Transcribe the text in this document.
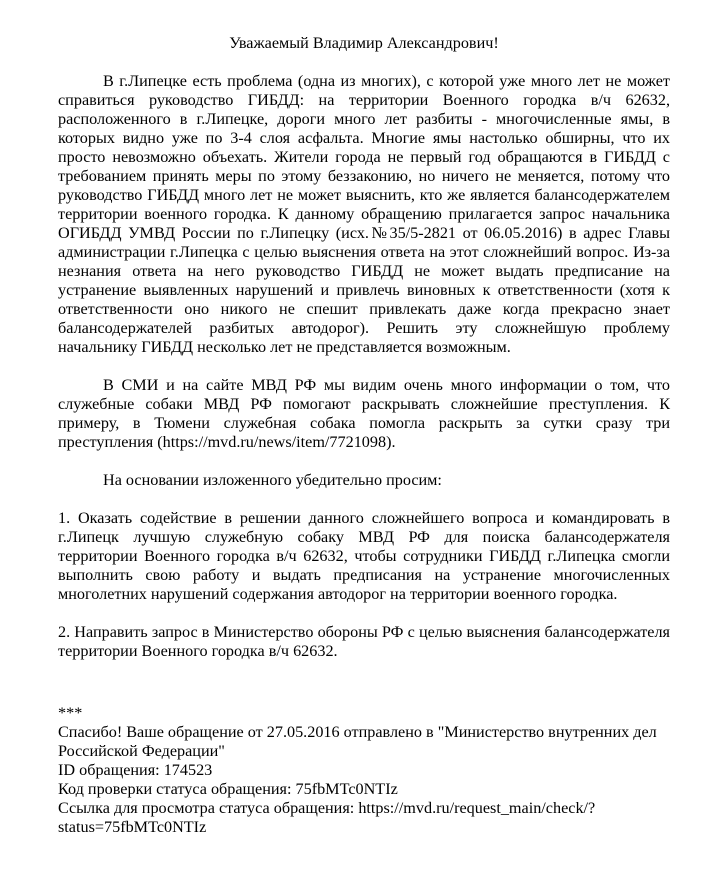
Уважаемый Владимир Александрович!

В г.Липецке есть проблема (одна из многих), с которой уже много лет не может справиться руководство ГИБДД: на территории Военного городка в/ч 62632, расположенного в г.Липецке, дороги много лет разбиты - многочисленные ямы, в которых видно уже по 3-4 слоя асфальта. Многие ямы настолько обширны, что их просто невозможно объехать. Жители города не первый год обращаются в ГИБДД с требованием принять меры по этому беззаконию, но ничего не меняется, потому что руководство ГИБДД много лет не может выяснить, кто же является балансодержателем территории военного городка. К данному обращению прилагается запрос начальника ОГИБДД УМВД России по г.Липецку (исх.№35/5-2821 от 06.05.2016) в адрес Главы администрации г.Липецка с целью выяснения ответа на этот сложнейший вопрос. Из-за незнания ответа на него руководство ГИБДД не может выдать предписание на устранение выявленных нарушений и привлечь виновных к ответственности (хотя к ответственности оно никого не спешит привлекать даже когда прекрасно знает балансодержателей разбитых автодорог). Решить эту сложнейшую проблему начальнику ГИБДД несколько лет не представляется возможным.

В СМИ и на сайте МВД РФ мы видим очень много информации о том, что служебные собаки МВД РФ помогают раскрывать сложнейшие преступления. К примеру, в Тюмени служебная собака помогла раскрыть за сутки сразу три преступления (https://mvd.ru/news/item/7721098).

На основании изложенного убедительно просим:

1. Оказать содействие в решении данного сложнейшего вопроса и командировать в г.Липецк лучшую служебную собаку МВД РФ для поиска балансодержателя территории Военного городка в/ч 62632, чтобы сотрудники ГИБДД г.Липецка смогли выполнить свою работу и выдать предписания на устранение многочисленных многолетних нарушений содержания автодорог на территории военного городка.

2. Направить запрос в Министерство обороны РФ с целью выяснения балансодержателя территории Военного городка в/ч 62632.

***

Спасибо! Ваше обращение от 27.05.2016 отправлено в "Министерство внутренних дел

Российской Федерации"

ID обращения: 174523

Код проверки статуса обращения: 75fbMTc0NTIz

Ссылка для просмотра статуса обращения: https://mvd.ru/request_main/check/?

status=75fbMTc0NTIz
